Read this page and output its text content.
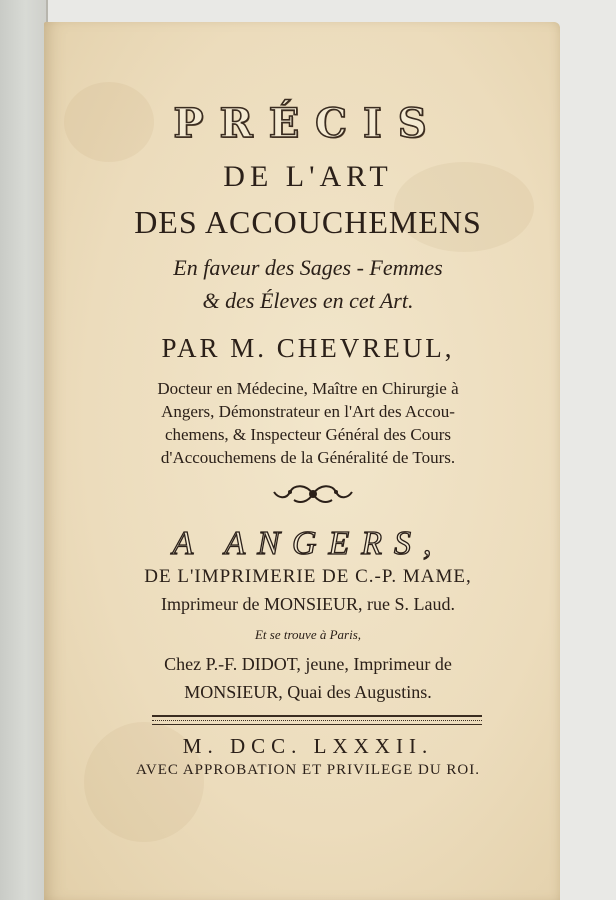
PRÉCIS
DE L'ART
DES ACCOUCHEMENS
En faveur des Sages - Femmes
& des Éleves en cet Art.
PAR M. CHEVREUL,
Docteur en Médecine, Maître en Chirurgie à
Angers, Démonstrateur en l'Art des Accou-
chemens, & Inspecteur Général des Cours
d'Accouchemens de la Généralité de Tours.
A ANGERS,
DE L'IMPRIMERIE DE C.-P. MAME,
Imprimeur de MONSIEUR, rue S. Laud.
Et se trouve à Paris,
Chez P.-F. DIDOT, jeune, Imprimeur de
MONSIEUR, Quai des Augustins.
M. DCC. LXXXII.
AVEC APPROBATION ET PRIVILEGE DU ROI.
